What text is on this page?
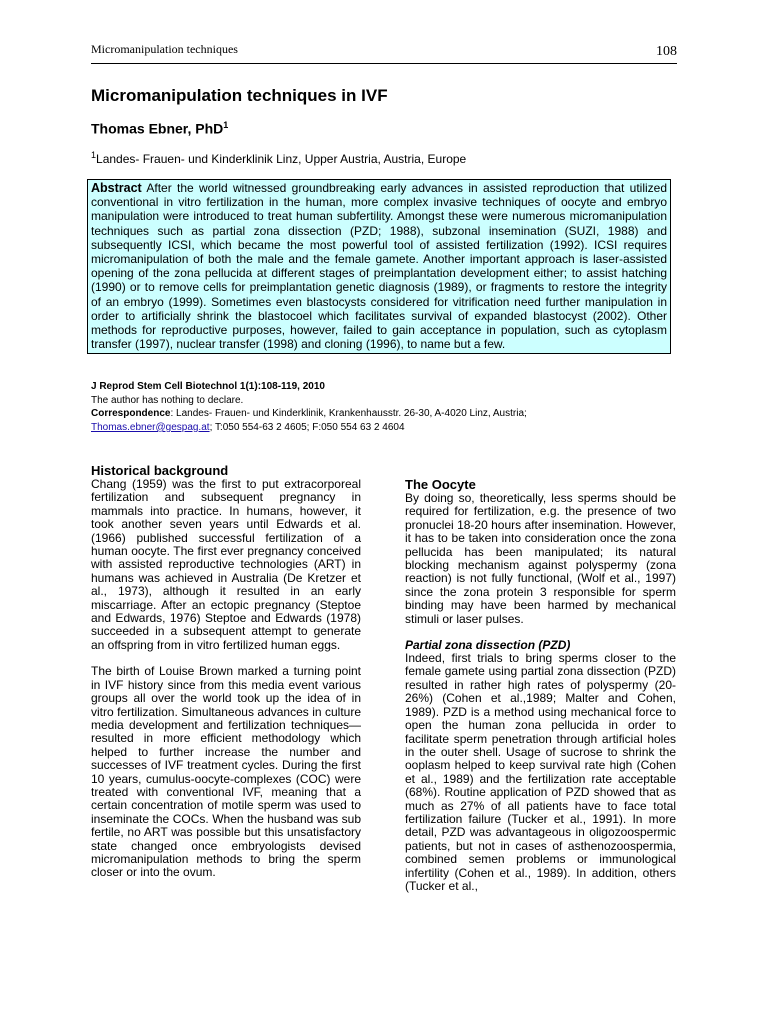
Micromanipulation techniques	108
Micromanipulation techniques in IVF
Thomas Ebner, PhD$^1$
$^1$Landes- Frauen- und Kinderklinik Linz, Upper Austria, Austria, Europe
Abstract After the world witnessed groundbreaking early advances in assisted reproduction that utilized conventional in vitro fertilization in the human, more complex invasive techniques of oocyte and embryo manipulation were introduced to treat human subfertility. Amongst these were numerous micromanipulation techniques such as partial zona dissection (PZD; 1988), subzonal insemination (SUZI, 1988) and subsequently ICSI, which became the most powerful tool of assisted fertilization (1992). ICSI requires micromanipulation of both the male and the female gamete. Another important approach is laser-assisted opening of the zona pellucida at different stages of preimplantation development either; to assist hatching (1990) or to remove cells for preimplantation genetic diagnosis (1989), or fragments to restore the integrity of an embryo (1999). Sometimes even blastocysts considered for vitrification need further manipulation in order to artificially shrink the blastocoel which facilitates survival of expanded blastocyst (2002). Other methods for reproductive purposes, however, failed to gain acceptance in population, such as cytoplasm transfer (1997), nuclear transfer (1998) and cloning (1996), to name but a few.
J Reprod Stem Cell Biotechnol 1(1):108-119, 2010
The author has nothing to declare.
Correspondence: Landes- Frauen- und Kinderklinik, Krankenhausstr. 26-30, A-4020 Linz, Austria;
Thomas.ebner@gespag.at; T:050 554-63 2 4605; F:050 554 63 2 4604
Historical background

Chang (1959) was the first to put extracorporeal fertilization and subsequent pregnancy in mammals into practice. In humans, however, it took another seven years until Edwards et al. (1966) published successful fertilization of a human oocyte. The first ever pregnancy conceived with assisted reproductive technologies (ART) in humans was achieved in Australia (De Kretzer et al., 1973), although it resulted in an early miscarriage. After an ectopic pregnancy (Steptoe and Edwards, 1976) Steptoe and Edwards (1978) succeeded in a subsequent attempt to generate an offspring from in vitro fertilized human eggs.

The birth of Louise Brown marked a turning point in IVF history since from this media event various groups all over the world took up the idea of in vitro fertilization. Simultaneous advances in culture media development and fertilization techniques—resulted in more efficient methodology which helped to further increase the number and successes of IVF treatment cycles. During the first 10 years, cumulus-oocyte-complexes (COC) were treated with conventional IVF, meaning that a certain concentration of motile sperm was used to inseminate the COCs. When the husband was sub fertile, no ART was possible but this unsatisfactory state changed once embryologists devised micromanipulation methods to bring the sperm closer or into the ovum.

The Oocyte

By doing so, theoretically, less sperms should be required for fertilization, e.g. the presence of two pronuclei 18-20 hours after insemination. However, it has to be taken into consideration once the zona pellucida has been manipulated; its natural blocking mechanism against polyspermy (zona reaction) is not fully functional, (Wolf et al., 1997) since the zona protein 3 responsible for sperm binding may have been harmed by mechanical stimuli or laser pulses.

Partial zona dissection (PZD)

Indeed, first trials to bring sperms closer to the female gamete using partial zona dissection (PZD) resulted in rather high rates of polyspermy (20-26%) (Cohen et al.,1989; Malter and Cohen, 1989). PZD is a method using mechanical force to open the human zona pellucida in order to facilitate sperm penetration through artificial holes in the outer shell. Usage of sucrose to shrink the ooplasm helped to keep survival rate high (Cohen et al., 1989) and the fertilization rate acceptable (68%). Routine application of PZD showed that as much as 27% of all patients have to face total fertilization failure (Tucker et al., 1991). In more detail, PZD was advantageous in oligozoospermic patients, but not in cases of asthenozoospermia, combined semen problems or immunological infertility (Cohen et al., 1989). In addition, others (Tucker et al.,
